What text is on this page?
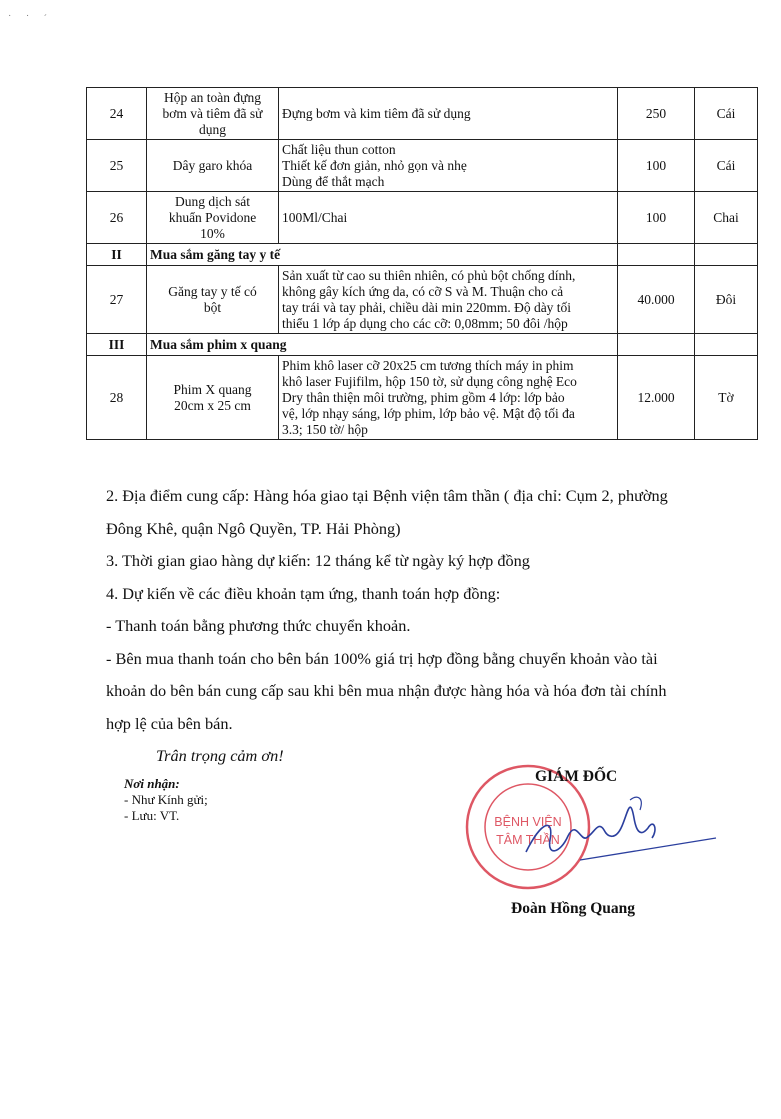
˙ ˙ ˊ
24	Hộp an toàn đựng
bơm và tiêm đã sử
dụng	Đựng bơm và kim tiêm đã sử dụng	250	Cái
25	Dây garo khóa	Chất liệu thun cotton
Thiết kế đơn giản, nhỏ gọn và nhẹ
Dùng để thắt mạch	100	Cái
26	Dung dịch sát
khuẩn Povidone
10%	100Ml/Chai	100	Chai
II	Mua sắm găng tay y tế			
27	Găng tay y tế có
bột	Sản xuất từ cao su thiên nhiên, có phủ bột chống dính,
không gây kích ứng da, có cỡ S và M. Thuận cho cả
tay trái và tay phải, chiều dài min 220mm. Độ dày tối
thiểu 1 lớp áp dụng cho các cỡ: 0,08mm; 50 đôi /hộp	40.000	Đôi
III	Mua sắm phim x quang			
28	Phim X quang
20cm x 25 cm	Phim khô laser cỡ 20x25 cm tương thích máy in phim
khô laser Fujifilm, hộp 150 tờ, sử dụng công nghệ Eco
Dry thân thiện môi trường, phim gồm 4 lớp: lớp bảo
vệ, lớp nhạy sáng, lớp phim, lớp bảo vệ. Mật độ tối đa
3.3; 150 tờ/ hộp	12.000	Tờ

2. Địa điểm cung cấp: Hàng hóa giao tại Bệnh viện tâm thần ( địa chỉ: Cụm 2, phường

Đông Khê, quận Ngô Quyền, TP. Hải Phòng)

3. Thời gian giao hàng dự kiến: 12 tháng kể từ ngày ký hợp đồng

4. Dự kiến về các điều khoản tạm ứng, thanh toán hợp đồng:

- Thanh toán bằng phương thức chuyển khoản.

- Bên mua thanh toán cho bên bán 100% giá trị hợp đồng bằng chuyển khoản vào tài

khoản do bên bán cung cấp sau khi bên mua nhận được hàng hóa và hóa đơn tài chính

hợp lệ của bên bán.

Trân trọng cảm ơn!

Nơi nhận:
- Như Kính gửi;
- Lưu: VT.	BỆNH VIỆN
TÂM THẦN
GIÁM ĐỐC
Đoàn Hồng Quang
